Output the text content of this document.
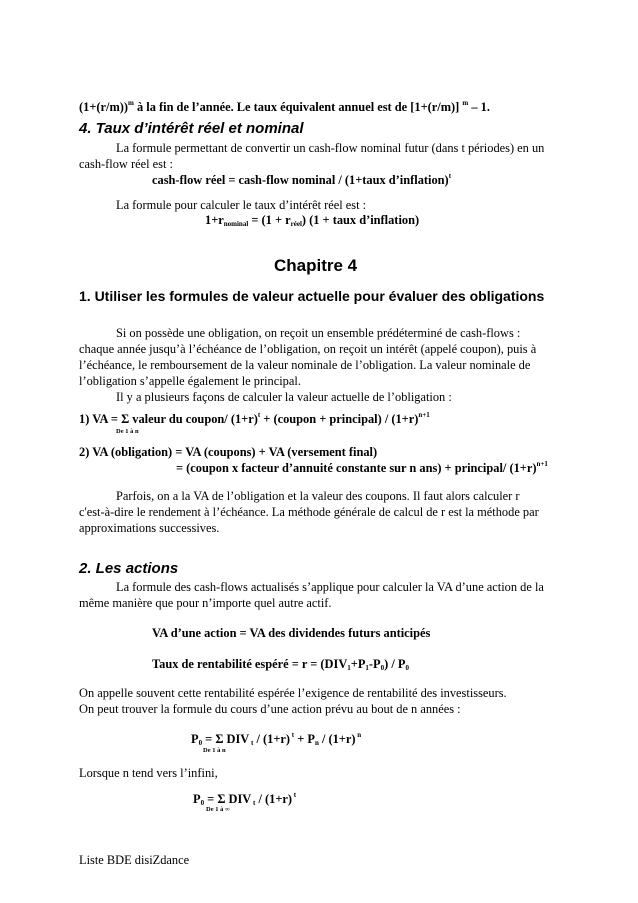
$(1+(r/m))^m$ à la fin de l’année. Le taux équivalent annuel est de [1+(r/m)] $^m$ – 1.
4. Taux d’intérêt réel et nominal
La formule permettant de convertir un cash-flow nominal futur (dans t périodes) en un
cash-flow réel est :
cash-flow réel = cash-flow nominal / (1+taux d’inflation)$^t$
La formule pour calculer le taux d’intérêt réel est :
$1+r_{nominal} = (1 + r_{réel}) (1$ + taux d’inflation)
Chapitre 4
1. Utiliser les formules de valeur actuelle pour évaluer des obligations
Si on possède une obligation, on reçoit un ensemble prédéterminé de cash-flows :
chaque année jusqu’à l’échéance de l’obligation, on reçoit un intérêt (appelé coupon), puis à
l’échéance, le remboursement de la valeur nominale de l’obligation. La valeur nominale de
l’obligation s’appelle également le principal.
Il y a plusieurs façons de calculer la valeur actuelle de l’obligation :
1) VA = Σ valeur du coupon/ $(1+r)^t$ + (coupon + principal) / $(1+r)^{n+1}$
De 1 à n
2) VA (obligation) = VA (coupons) + VA (versement final)
= (coupon x facteur d’annuité constante sur n ans) + principal/ $(1+r)^{n+1}$
Parfois, on a la VA de l’obligation et la valeur des coupons. Il faut alors calculer r
c'est-à-dire le rendement à l’échéance. La méthode générale de calcul de r est la méthode par
approximations successives.
2. Les actions
La formule des cash-flows actualisés s’applique pour calculer la VA d’une action de la
même manière que pour n’importe quel autre actif.
VA d’une action = VA des dividendes futurs anticipés
Taux de rentabilité espéré = $r = (DIV_1+P_1-P_0) / P_0$
On appelle souvent cette rentabilité espérée l’exigence de rentabilité des investisseurs.
On peut trouver la formule du cours d’une action prévu au bout de n années :
$P_0 = \Sigma$ DIV $_t$ / (1+r) $^t + P_n / (1+r)$ $^n$
De 1 à n
Lorsque n tend vers l’infini,
$P_0 = \Sigma$ DIV $_t$ / (1+r) $^t$
De 1 à ∞
Liste BDE disiZdance
